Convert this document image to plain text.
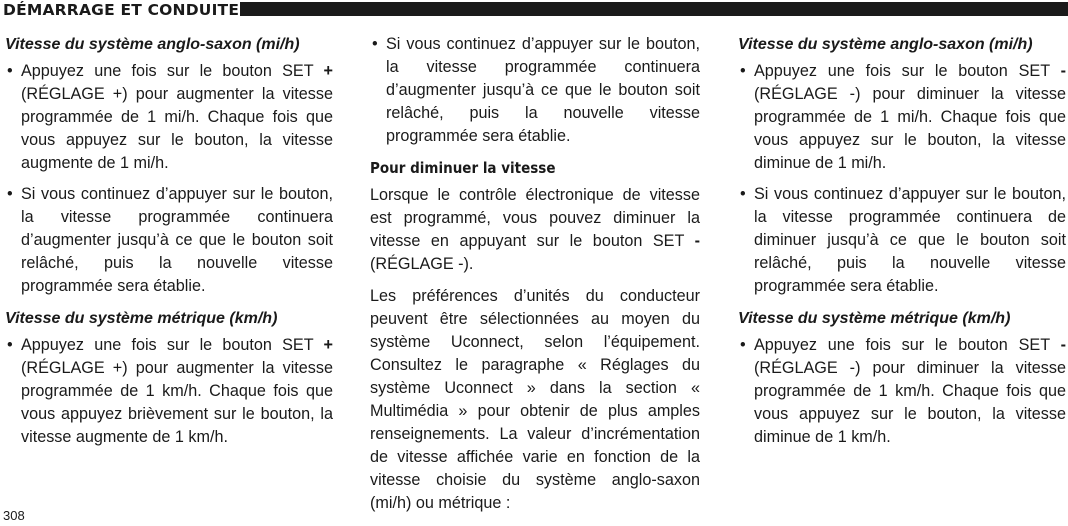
DÉMARRAGE ET CONDUITE
Vitesse du système anglo-saxon (mi/h)
• Appuyez une fois sur le bouton SET + (RÉGLAGE +) pour augmenter la vitesse programmée de 1 mi/h. Chaque fois que vous appuyez sur le bouton, la vitesse augmente de 1 mi/h.
• Si vous continuez d’appuyer sur le bouton, la vitesse programmée continuera d’augmenter jusqu’à ce que le bouton soit relâché, puis la nouvelle vitesse programmée sera établie.
Vitesse du système métrique (km/h)
• Appuyez une fois sur le bouton SET + (RÉGLAGE +) pour augmenter la vitesse programmée de 1 km/h. Chaque fois que vous appuyez brièvement sur le bouton, la vitesse augmente de 1 km/h.
• Si vous continuez d’appuyer sur le bouton, la vitesse programmée continuera d’augmenter jusqu’à ce que le bouton soit relâché, puis la nouvelle vitesse programmée sera établie.
Pour diminuer la vitesse

Lorsque le contrôle électronique de vitesse est programmé, vous pouvez diminuer la vitesse en appuyant sur le bouton SET - (RÉGLAGE -).

Les préférences d’unités du conducteur peuvent être sélectionnées au moyen du système Uconnect, selon l’équipement. Consultez le paragraphe « Réglages du système Uconnect » dans la section « Multimédia » pour obtenir de plus amples renseignements. La valeur d’incrémentation de vitesse affichée varie en fonction de la vitesse choisie du système anglo-saxon (mi/h) ou métrique :

Vitesse du système anglo-saxon (mi/h)
• Appuyez une fois sur le bouton SET - (RÉGLAGE -) pour diminuer la vitesse programmée de 1 mi/h. Chaque fois que vous appuyez sur le bouton, la vitesse diminue de 1 mi/h.
• Si vous continuez d’appuyer sur le bouton, la vitesse programmée continuera de diminuer jusqu’à ce que le bouton soit relâché, puis la nouvelle vitesse programmée sera établie.
Vitesse du système métrique (km/h)
• Appuyez une fois sur le bouton SET - (RÉGLAGE -) pour diminuer la vitesse programmée de 1 km/h. Chaque fois que vous appuyez sur le bouton, la vitesse diminue de 1 km/h.
308
